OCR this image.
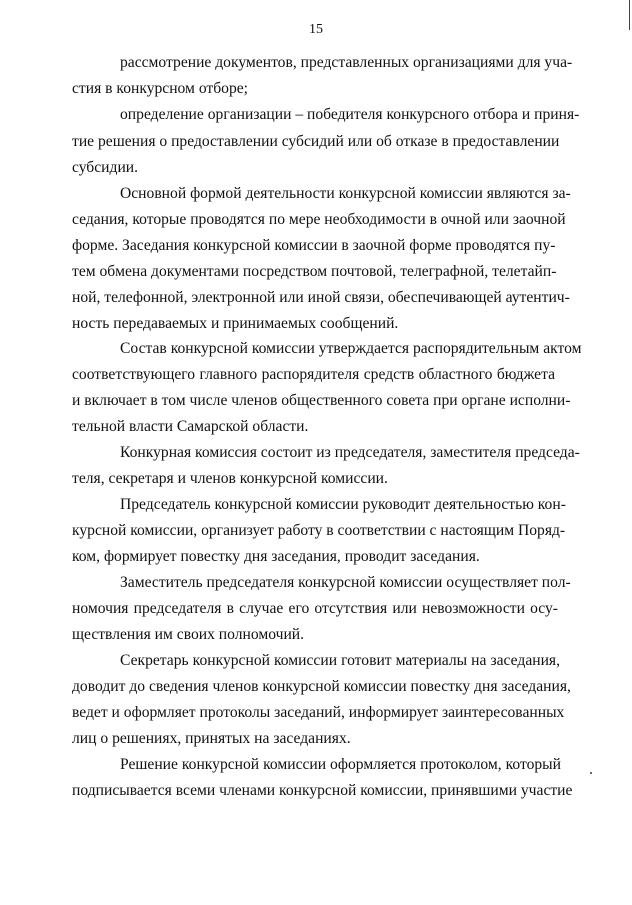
15
рассмотрение документов, представленных организациями для уча-
стия в конкурсном отборе;
определение организации – победителя конкурсного отбора и приня-
тие решения о предоставлении субсидий или об отказе в предоставлении
субсидии.
Основной формой деятельности конкурсной комиссии являются за-
седания, которые проводятся по мере необходимости в очной или заочной
форме. Заседания конкурсной комиссии в заочной форме проводятся пу-
тем обмена документами посредством почтовой, телеграфной, телетайп-
ной, телефонной, электронной или иной связи, обеспечивающей аутентич-
ность передаваемых и принимаемых сообщений.
Состав конкурсной комиссии утверждается распорядительным актом
соответствующего главного распорядителя средств областного бюджета
и включает в том числе членов общественного совета при органе исполни-
тельной власти Самарской области.
Конкурная комиссия состоит из председателя, заместителя председа-
теля, секретаря и членов конкурсной комиссии.
Председатель конкурсной комиссии руководит деятельностью кон-
курсной комиссии, организует работу в соответствии с настоящим Поряд-
ком, формирует повестку дня заседания, проводит заседания.
Заместитель председателя конкурсной комиссии осуществляет пол-
номочия председателя в случае его отсутствия или невозможности осу-
ществления им своих полномочий.
Секретарь конкурсной комиссии готовит материалы на заседания,
доводит до сведения членов конкурсной комиссии повестку дня заседания,
ведет и оформляет протоколы заседаний, информирует заинтересованных
лиц о решениях, принятых на заседаниях.
Решение конкурсной комиссии оформляется протоколом, который
подписывается всеми членами конкурсной комиссии, принявшими участие
